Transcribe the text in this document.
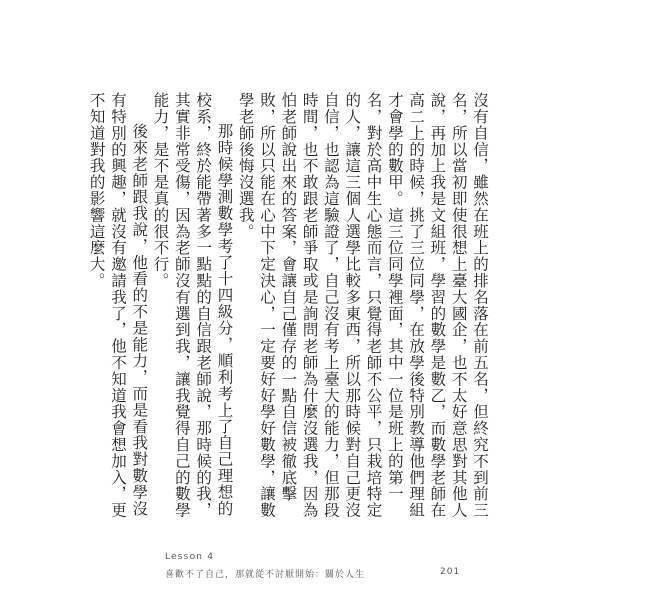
沒有自信，雖然在班上的排名落在前五名，但終究不到前三名，所以當初即使很想上臺大國企，也不太好意思對其他人說，再加上我是文組班，學習的數學是數乙，而數學老師在高二上的時候，挑了三位同學，在放學後特別教導他們理組才會學的數甲。這三位同學裡面，其中一位是班上的第一名，對於高中生心態而言，只覺得老師不公平，只栽培特定的人，讓這三個人選學比較多東西，所以那時候對自己更沒自信，也認為這驗證了，自己沒有考上臺大的能力，但那段時間，也不敢跟老師爭取或是詢問老師為什麼沒選我，因為怕老師說出來的答案，會讓自己僅存的一點自信被徹底擊敗，所以只能在心中下定決心，一定要好好學好數學，讓數學老師後悔沒選我。

那時候學測數學考了十四級分，順利考上了自己理想的校系，終於能帶著多一點點的自信跟老師說，那時候的我，其實非常受傷，因為老師沒有選到我，讓我覺得自己的數學能力，是不是真的很不行。

後來老師跟我說，他看的不是能力，而是看我對數學沒有特別的興趣，就沒有邀請我了，他不知道我會想加入，更不知道對我的影響這麼大。

Lesson 4
喜歡不了自己，那就從不討厭開始：關於人生	201
